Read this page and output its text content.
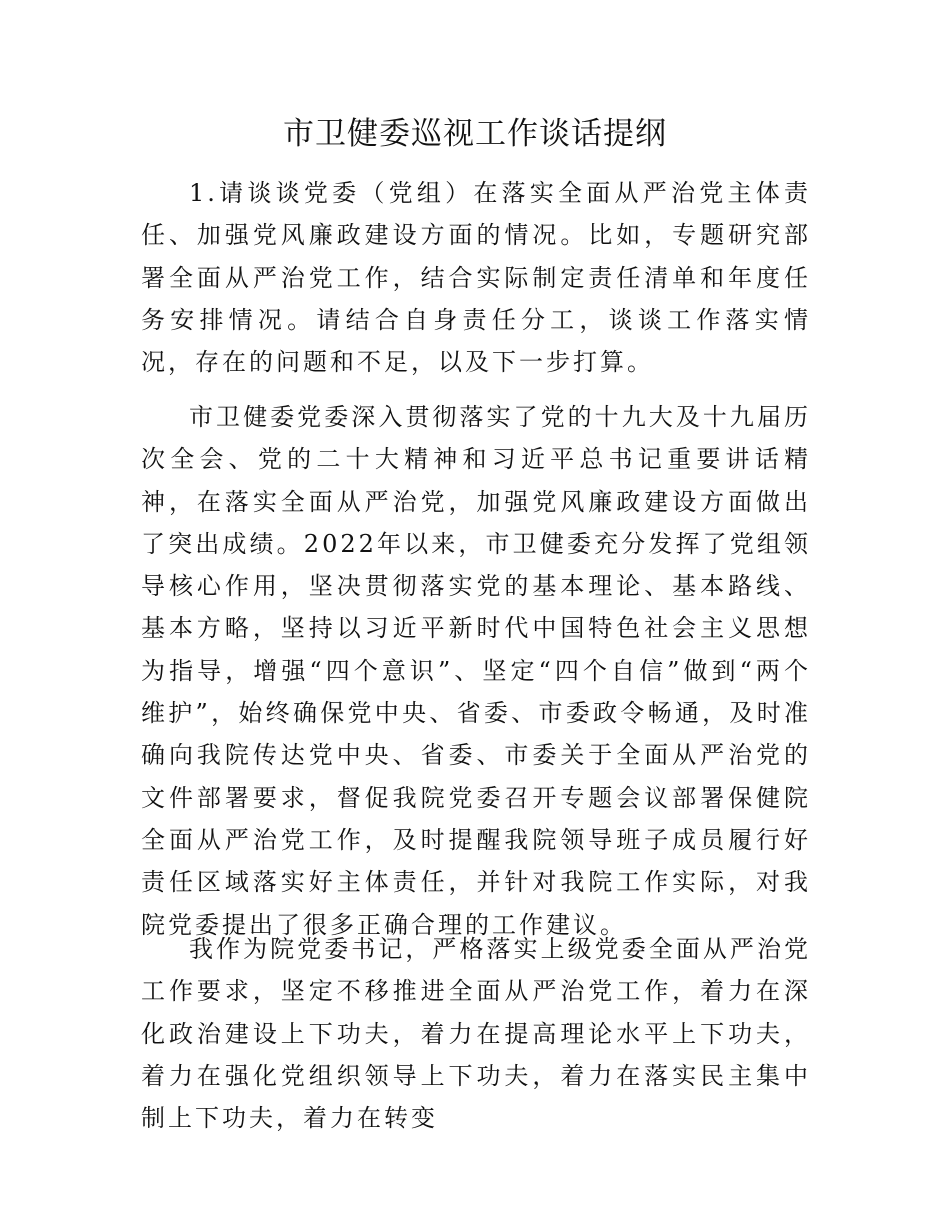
市卫健委巡视工作谈话提纲

1.请谈谈党委（党组）在落实全面从严治党主体责任、加强党风廉政建设方面的情况。比如，专题研究部署全面从严治党工作，结合实际制定责任清单和年度任务安排情况。请结合自身责任分工，谈谈工作落实情况，存在的问题和不足，以及下一步打算。

市卫健委党委深入贯彻落实了党的十九大及十九届历次全会、党的二十大精神和习近平总书记重要讲话精神，在落实全面从严治党，加强党风廉政建设方面做出了突出成绩。2022年以来，市卫健委充分发挥了党组领导核心作用，坚决贯彻落实党的基本理论、基本路线、基本方略，坚持以习近平新时代中国特色社会主义思想为指导，增强“四个意识”、坚定“四个自信”做到“两个维护”，始终确保党中央、省委、市委政令畅通，及时准确向我院传达党中央、省委、市委关于全面从严治党的文件部署要求，督促我院党委召开专题会议部署保健院全面从严治党工作，及时提醒我院领导班子成员履行好责任区域落实好主体责任，并针对我院工作实际，对我院党委提出了很多正确合理的工作建议。

我作为院党委书记，严格落实上级党委全面从严治党工作要求，坚定不移推进全面从严治党工作，着力在深化政治建设上下功夫，着力在提高理论水平上下功夫，着力在强化党组织领导上下功夫，着力在落实民主集中制上下功夫，着力在转变
